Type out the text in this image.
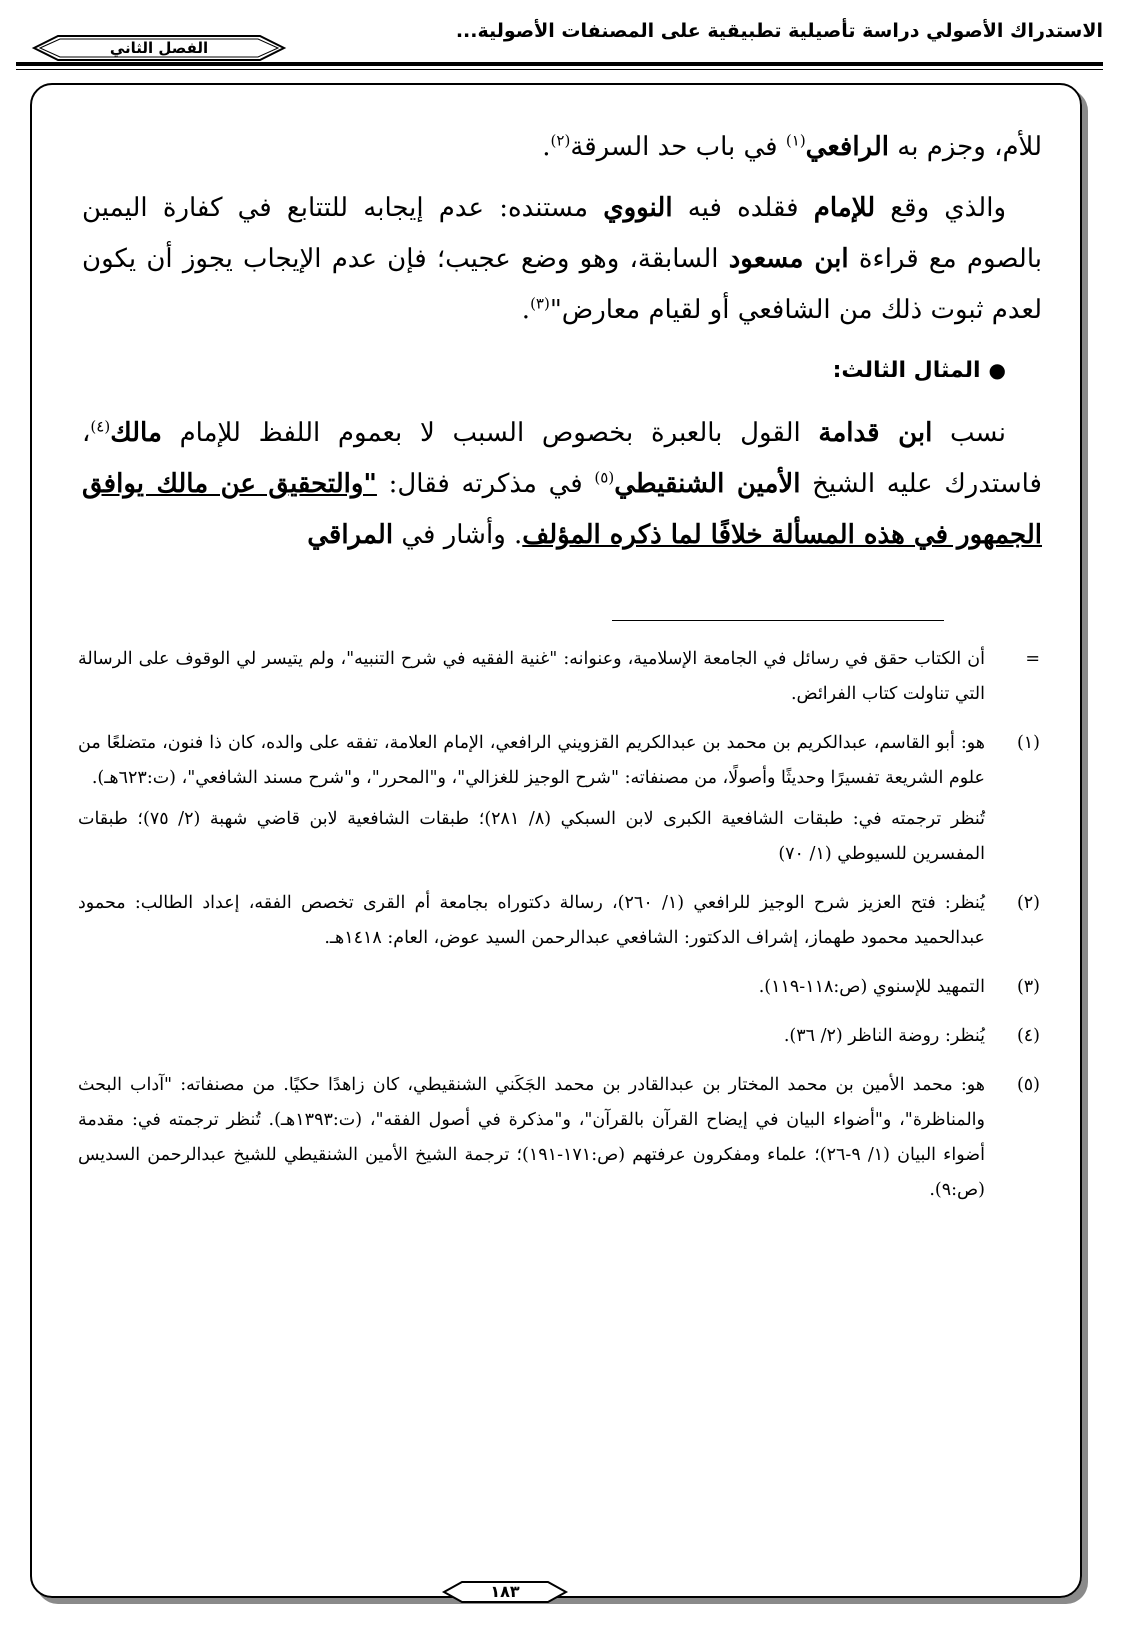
الاستدراك الأصولي دراسة تأصيلية تطبيقية على المصنفات الأصولية...
الفصل الثاني

للأم، وجزم به الرافعي$^{(١)}$ في باب حد السرقة$^{(٢)}$.

والذي وقع للإمام فقلده فيه النووي مستنده: عدم إيجابه للتتابع في كفارة اليمين بالصوم مع قراءة ابن مسعود السابقة، وهو وضع عجيب؛ فإن عدم الإيجاب يجوز أن يكون لعدم ثبوت ذلك من الشافعي أو لقيام معارض"$^{(٣)}$.

●المثال الثالث:

نسب ابن قدامة القول بالعبرة بخصوص السبب لا بعموم اللفظ للإمام مالك$^{(٤)}$، فاستدرك عليه الشيخ الأمين الشنقيطي$^{(٥)}$ في مذكرته فقال: "والتحقيق عن مالك يوافق الجمهور في هذه المسألة خلافًا لما ذكره المؤلف. وأشار في المراقي

=

أن الكتاب حقق في رسائل في الجامعة الإسلامية، وعنوانه: "غنية الفقيه في شرح التنبيه"، ولم يتيسر لي الوقوف على الرسالة التي تناولت كتاب الفرائض.

(١)

هو: أبو القاسم، عبدالكريم بن محمد بن عبدالكريم القزويني الرافعي، الإمام العلامة، تفقه على والده، كان ذا فنون، متضلعًا من علوم الشريعة تفسيرًا وحديثًا وأصولًا، من مصنفاته: "شرح الوجيز للغزالي"، و"المحرر"، و"شرح مسند الشافعي"، (ت:٦٢٣هـ).

تُنظر ترجمته في: طبقات الشافعية الكبرى لابن السبكي (٨/ ٢٨١)؛ طبقات الشافعية لابن قاضي شهبة (٢/ ٧٥)؛ طبقات المفسرين للسيوطي (١/ ٧٠)

(٢)

يُنظر: فتح العزيز شرح الوجيز للرافعي (١/ ٢٦٠)، رسالة دكتوراه بجامعة أم القرى تخصص الفقه، إعداد الطالب: محمود عبدالحميد محمود طهماز، إشراف الدكتور: الشافعي عبدالرحمن السيد عوض، العام: ١٤١٨هـ.

(٣)

التمهيد للإسنوي (ص:١١٨-١١٩).

(٤)

يُنظر: روضة الناظر (٢/ ٣٦).

(٥)

هو: محمد الأمين بن محمد المختار بن عبدالقادر بن محمد الجَكَني الشنقيطي، كان زاهدًا حكيًا. من مصنفاته: "آداب البحث والمناظرة"، و"أضواء البيان في إيضاح القرآن بالقرآن"، و"مذكرة في أصول الفقه"، (ت:١٣٩٣هـ). تُنظر ترجمته في: مقدمة أضواء البيان (١/ ٩-٢٦)؛ علماء ومفكرون عرفتهم (ص:١٧١-١٩١)؛ ترجمة الشيخ الأمين الشنقيطي للشيخ عبدالرحمن السديس (ص:٩).

١٨٣
